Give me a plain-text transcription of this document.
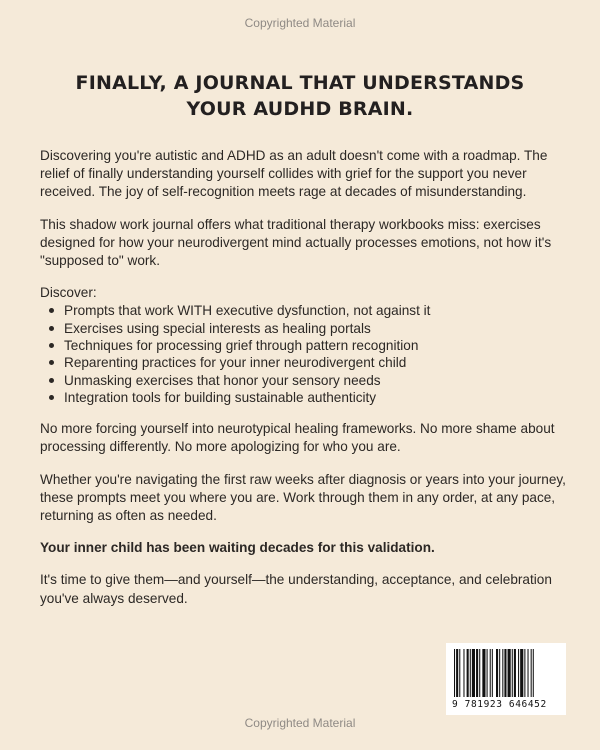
Copyrighted Material
FINALLY, A JOURNAL THAT UNDERSTANDS
YOUR AUDHD BRAIN.

Discovering you're autistic and ADHD as an adult doesn't come with a roadmap. The relief of finally understanding yourself collides with grief for the support you never received. The joy of self-recognition meets rage at decades of misunderstanding.

This shadow work journal offers what traditional therapy workbooks miss: exercises designed for how your neurodivergent mind actually processes emotions, not how it's "supposed to" work.

Discover:

Prompts that work WITH executive dysfunction, not against it
Exercises using special interests as healing portals
Techniques for processing grief through pattern recognition
Reparenting practices for your inner neurodivergent child
Unmasking exercises that honor your sensory needs
Integration tools for building sustainable authenticity

No more forcing yourself into neurotypical healing frameworks. No more shame about processing differently. No more apologizing for who you are.

Whether you're navigating the first raw weeks after diagnosis or years into your journey, these prompts meet you where you are. Work through them in any order, at any pace, returning as often as needed.

Your inner child has been waiting decades for this validation.

It's time to give them—and yourself—the understanding, acceptance, and celebration you've always deserved.

9 781923 646452
Copyrighted Material
